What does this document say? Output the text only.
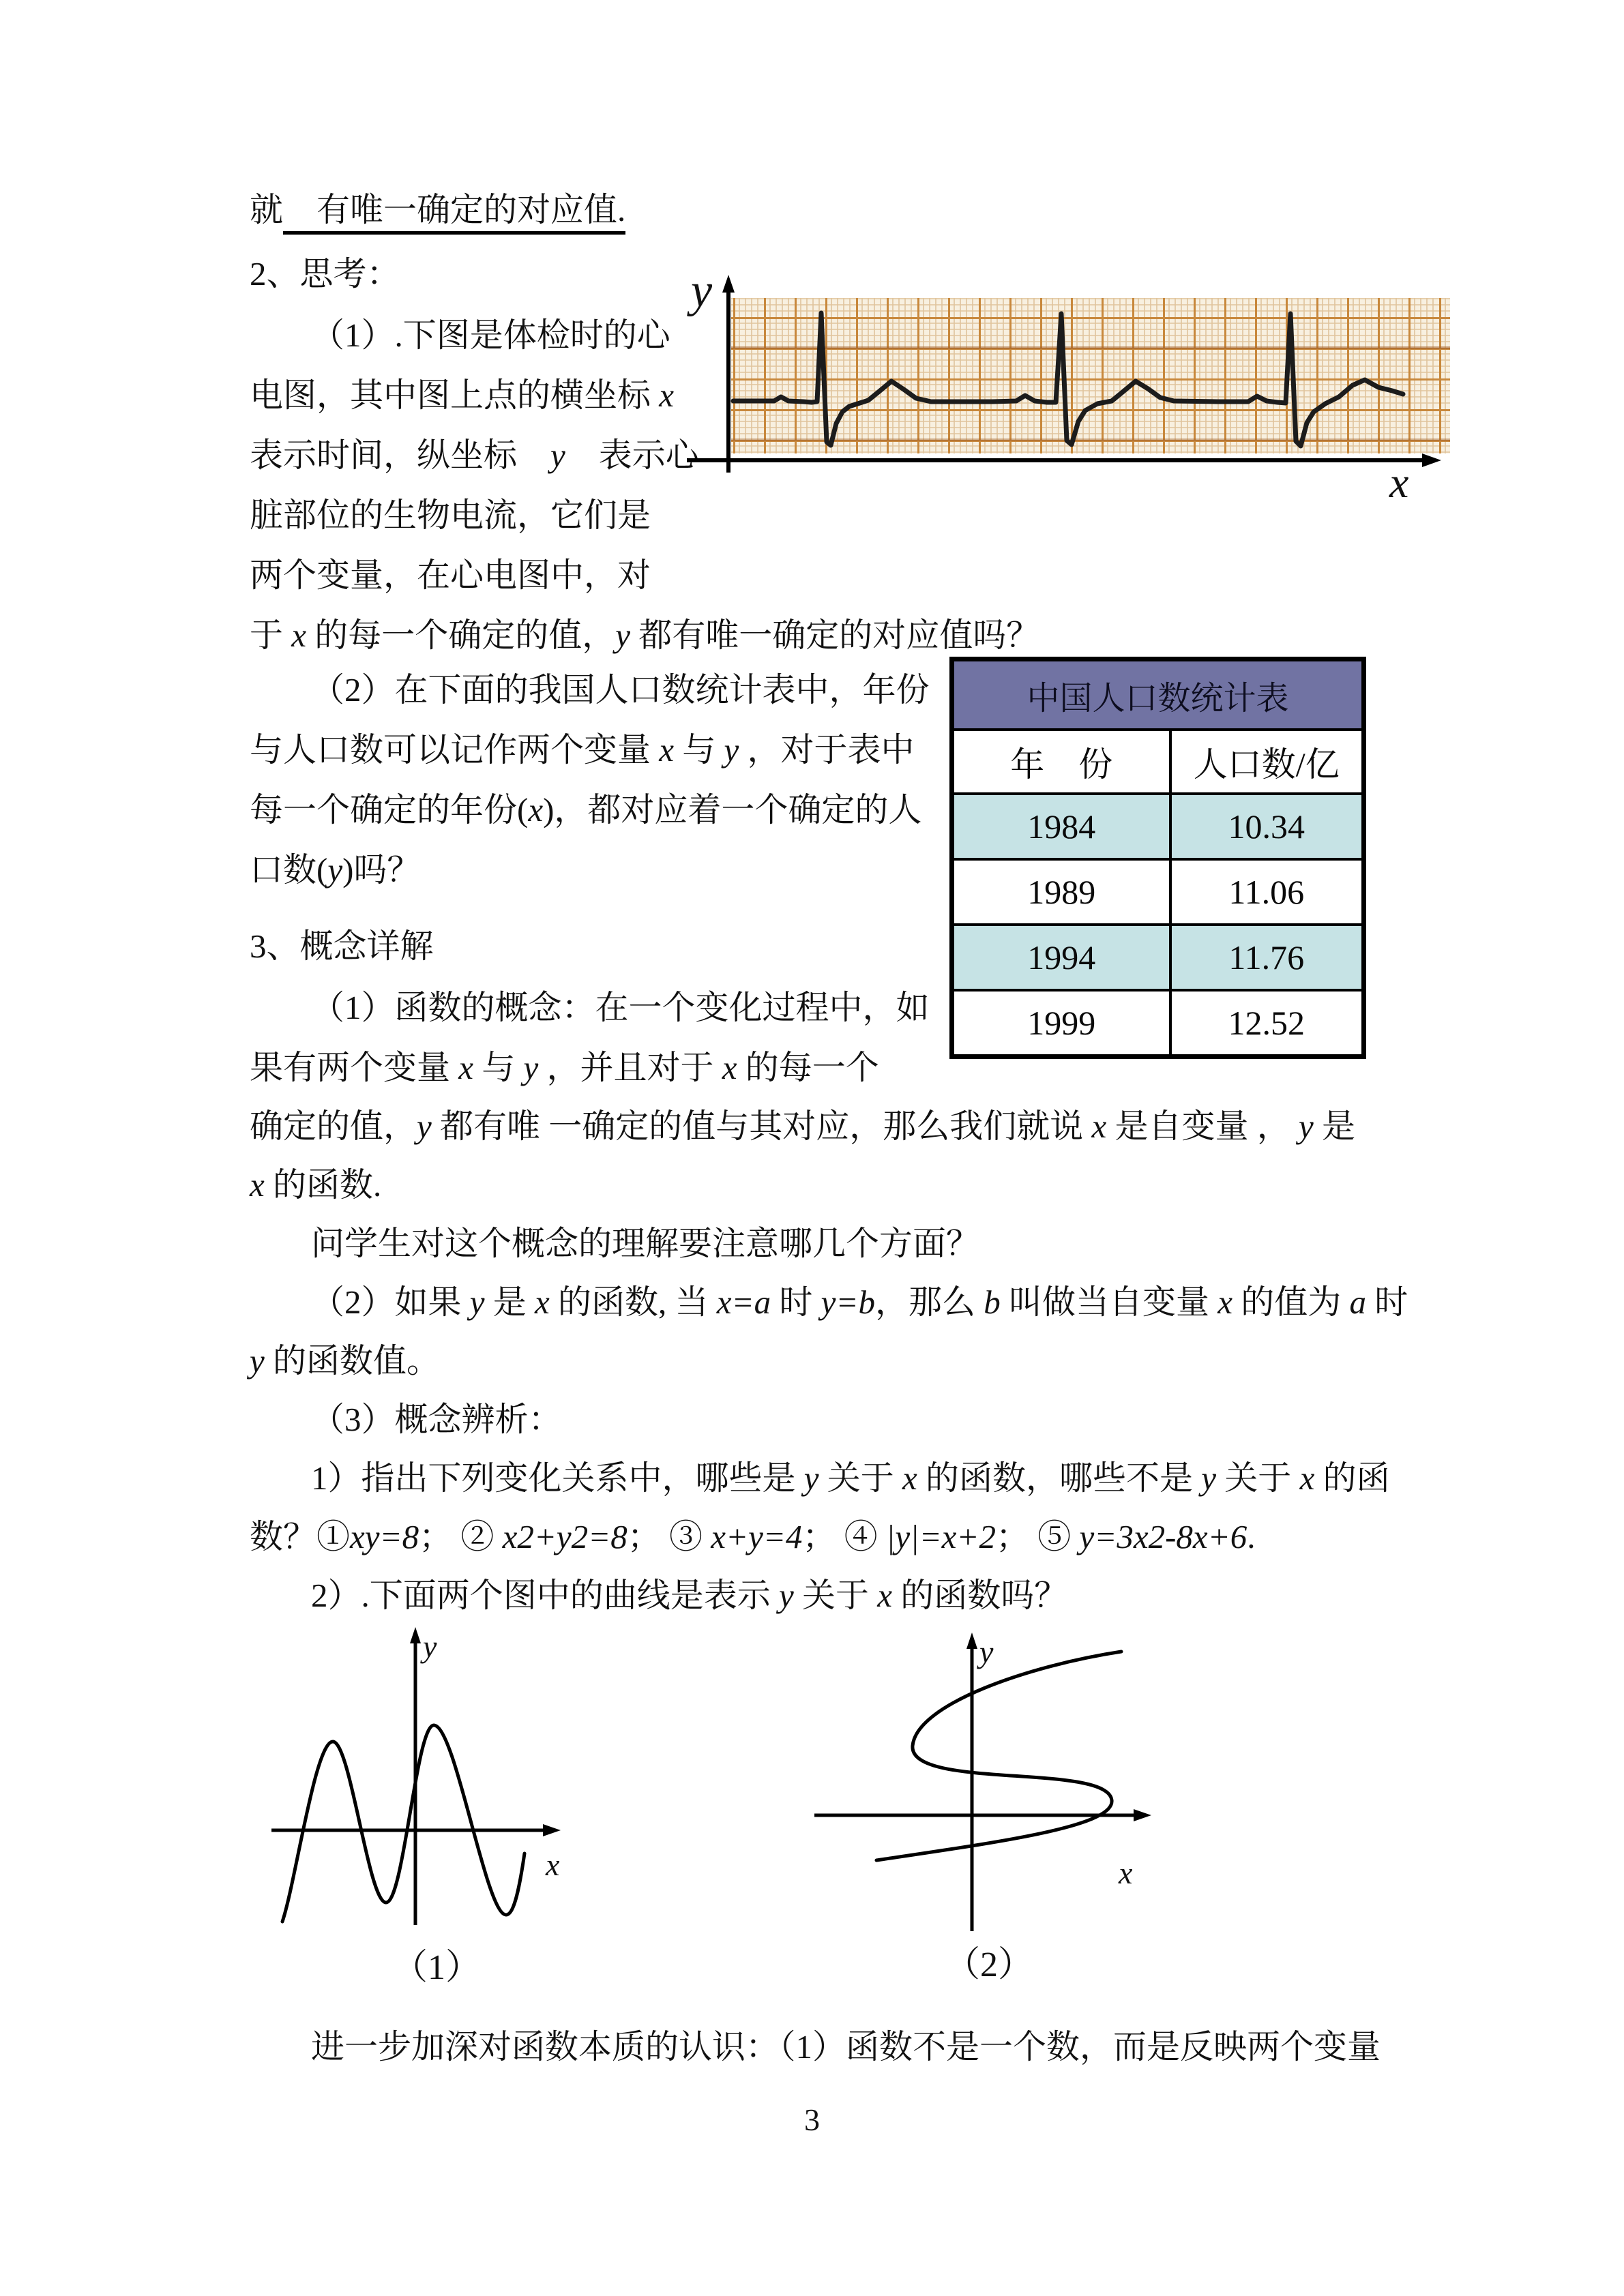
就　有唯一确定的对应值.
2、思考：
（1）.下图是体检时的心
电图，其中图上点的横坐标 x
表示时间，纵坐标　y　表示心
脏部位的生物电流，它们是
两个变量，在心电图中，对
于 x 的每一个确定的值，y 都有唯一确定的对应值吗？
（2）在下面的我国人口数统计表中，年份
与人口数可以记作两个变量 x 与 y ，对于表中
每一个确定的年份(x)，都对应着一个确定的人
口数(y)吗？
3、概念详解
（1）函数的概念：在一个变化过程中，如
果有两个变量 x 与 y ，并且对于 x 的每一个
确定的值，y 都有唯 一确定的值与其对应，那么我们就说 x 是自变量 ， y 是
x 的函数.
问学生对这个概念的理解要注意哪几个方面？
（2）如果 y 是 x 的函数, 当 x=a 时 y=b，那么 b 叫做当自变量 x 的值为 a 时
y 的函数值。
（3）概念辨析：
1）指出下列变化关系中，哪些是 y 关于 x 的函数，哪些不是 y 关于 x 的函
数？①xy=8； ② x2+y2=8； ③ x+y=4； ④ |y|=x+2； ⑤ y=3x2-8x+6.
2）.下面两个图中的曲线是表示 y 关于 x 的函数吗？
进一步加深对函数本质的认识：（1）函数不是一个数，而是反映两个变量
y
x
中国人口数统计表	
年　份	人口数/亿
1984	10.34
1989	11.06
1994	11.76
1999	12.52
y
x
（1）
y
x
（2）
3
